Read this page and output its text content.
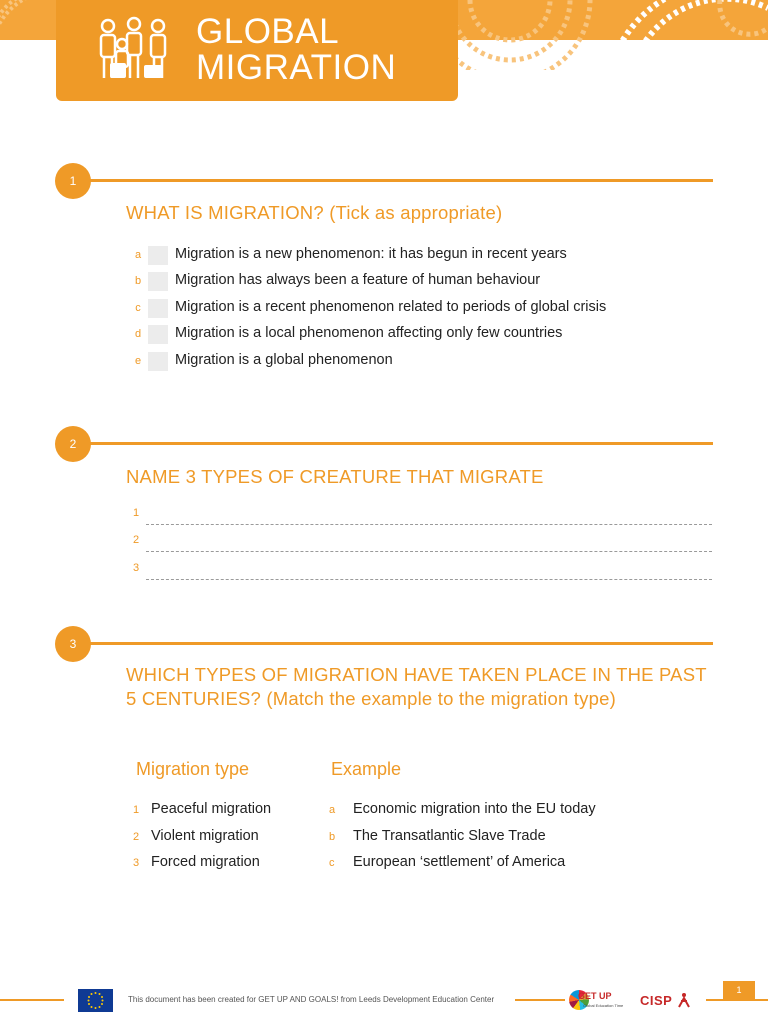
GLOBAL
MIGRATION
1
WHAT IS MIGRATION? (Tick as appropriate)
a Migration is a new phenomenon: it has begun in recent years
b Migration has always been a feature of human behaviour
c Migration is a recent phenomenon related to periods of global crisis
d Migration is a local phenomenon affecting only few countries
e Migration is a global phenomenon
2
NAME 3 TYPES OF CREATURE THAT MIGRATE
1
2
3
3
WHICH TYPES OF MIGRATION HAVE TAKEN PLACE IN THE PAST 5 CENTURIES? (Match the example to the migration type)
Migration type	Example
1 Peaceful migration
2 Violent migration
3 Forced migration
a Economic migration into the EU today
b The Transatlantic Slave Trade
c European ‘settlement’ of America
This document has been created for GET UP AND GOALS! from Leeds Development Education Center	GET UP
Global Education Time CISP
1
